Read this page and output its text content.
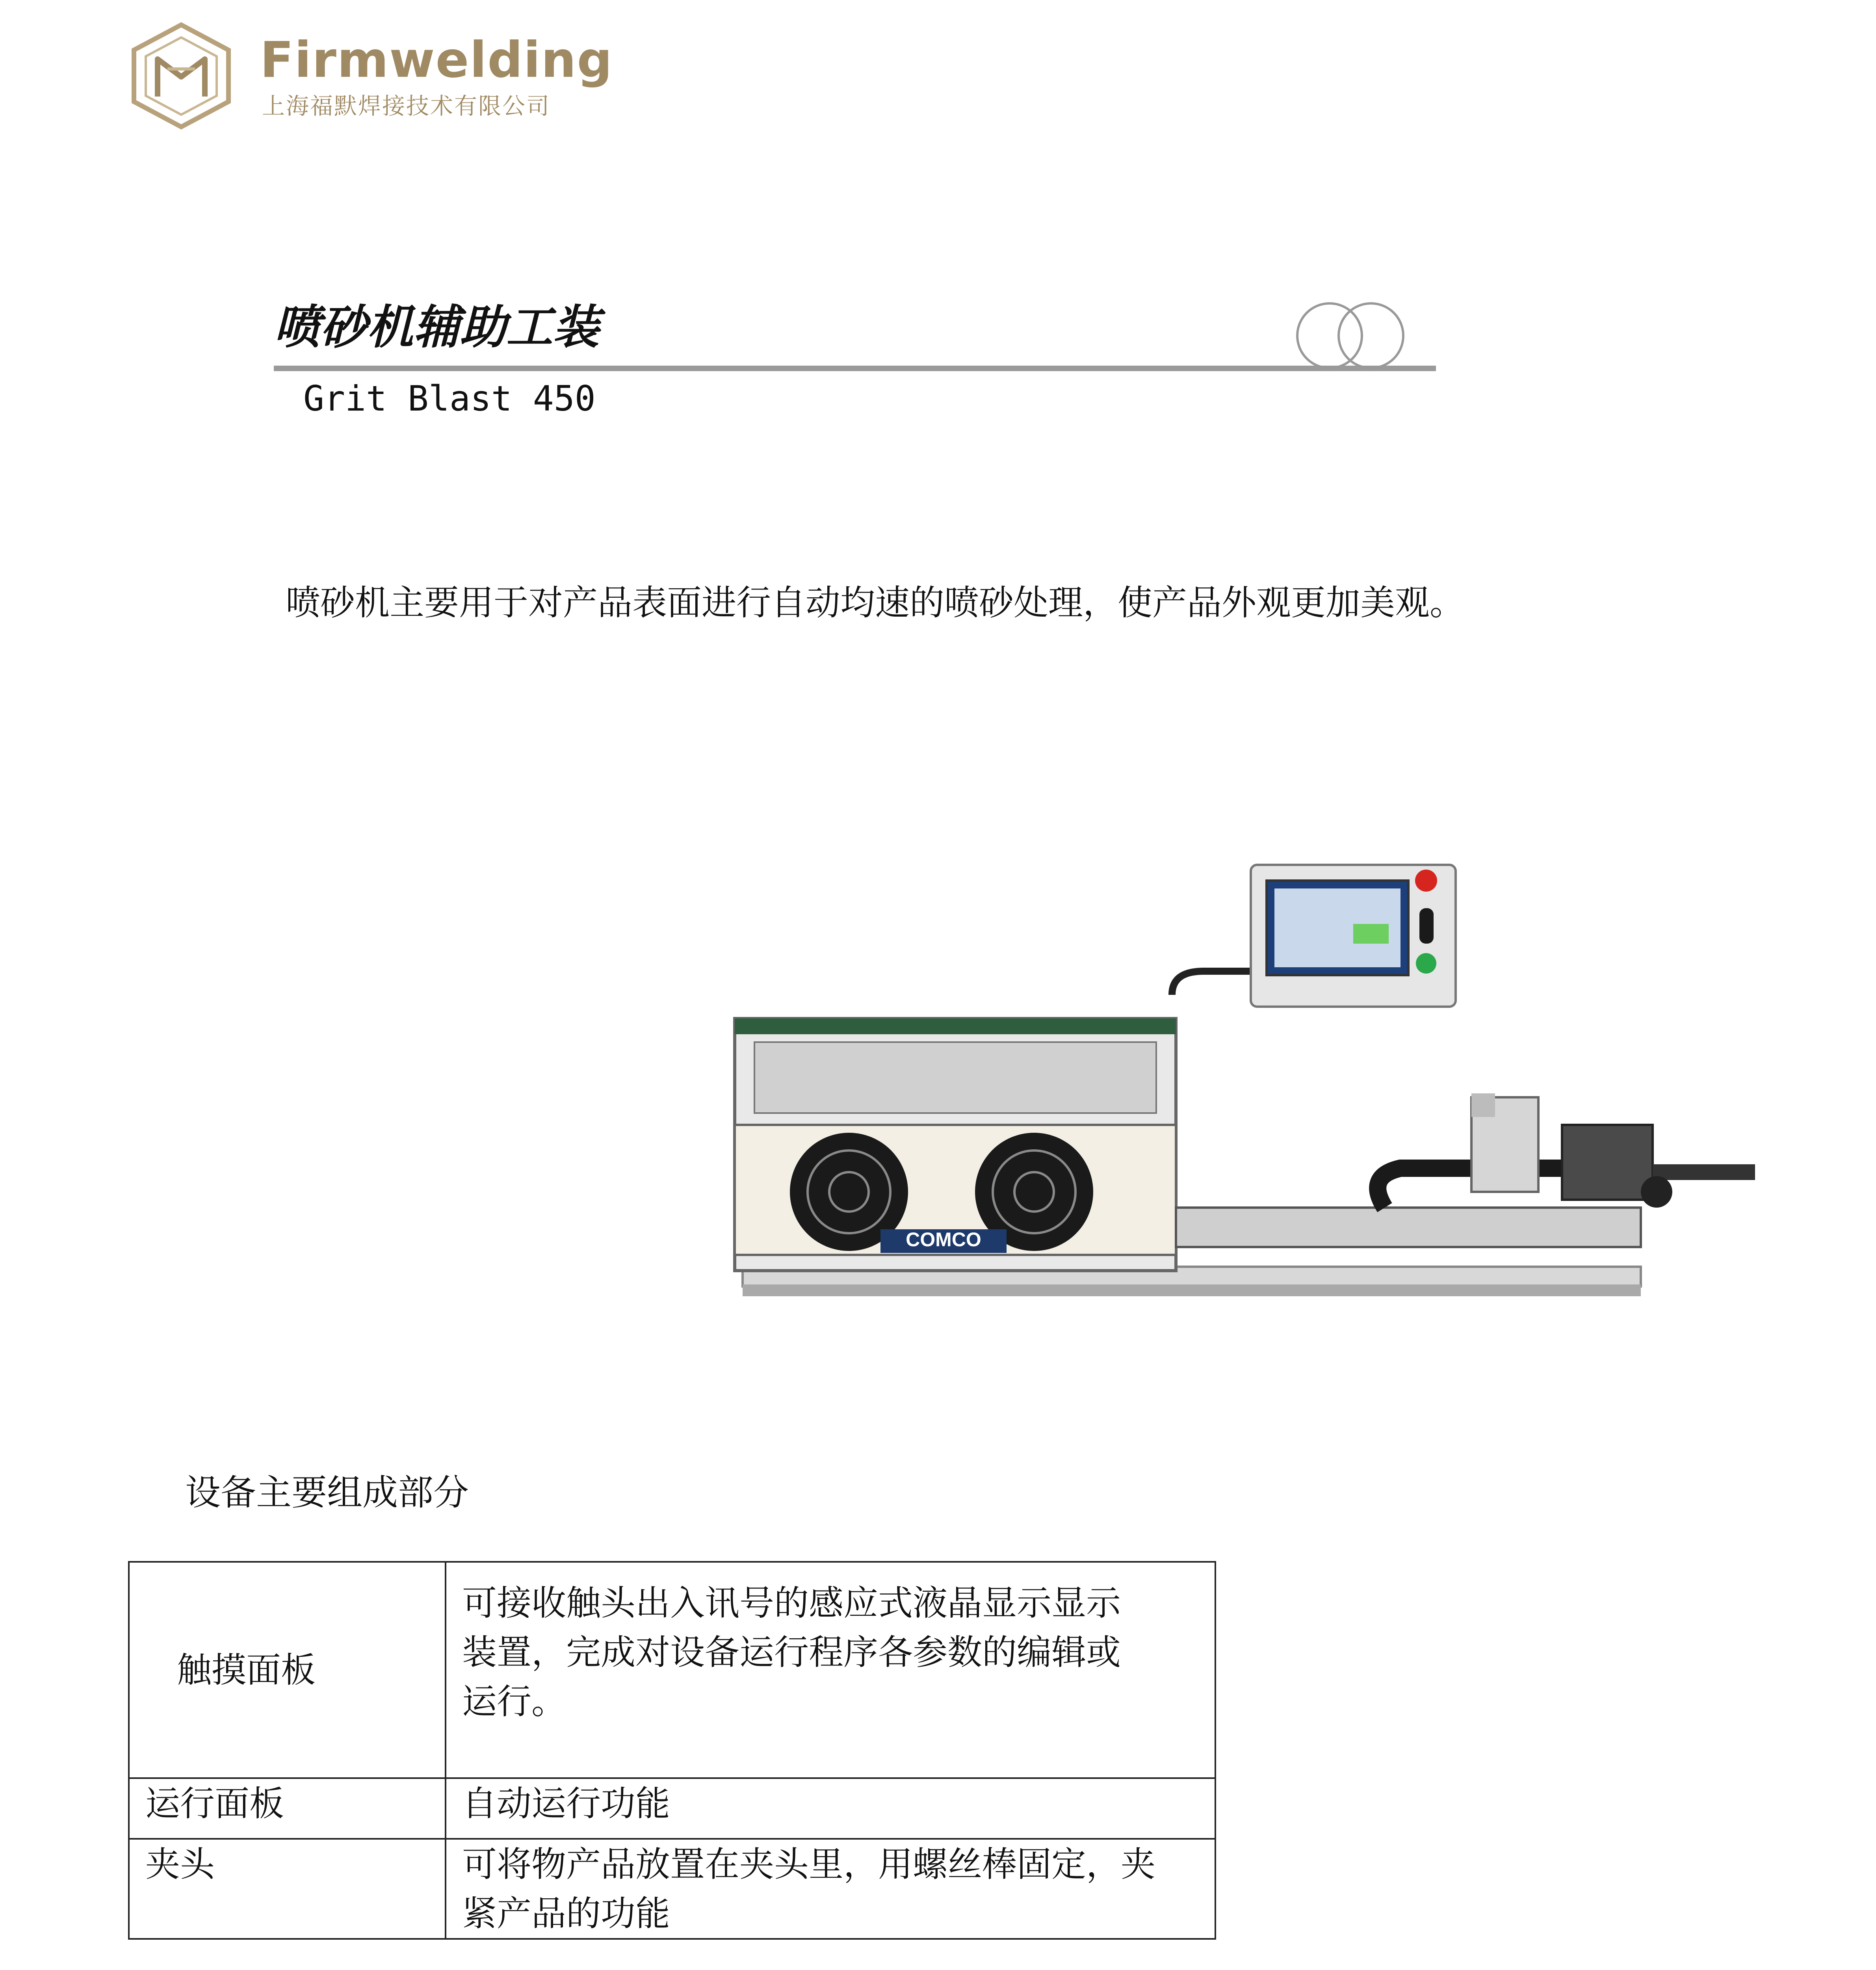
Firmwelding
上海福默焊接技术有限公司
喷砂机辅助工装
Grit Blast 450
喷砂机主要用于对产品表面进行自动均速的喷砂处理，使产品外观更加美观。
COMCO
设备主要组成部分
触摸面板	可接收触头出入讯号的感应式液晶显示显示
装置，完成对设备运行程序各参数的编辑或
运行。

运行面板	自动运行功能

夹头	可将物产品放置在夹头里，用螺丝棒固定，夹
紧产品的功能
